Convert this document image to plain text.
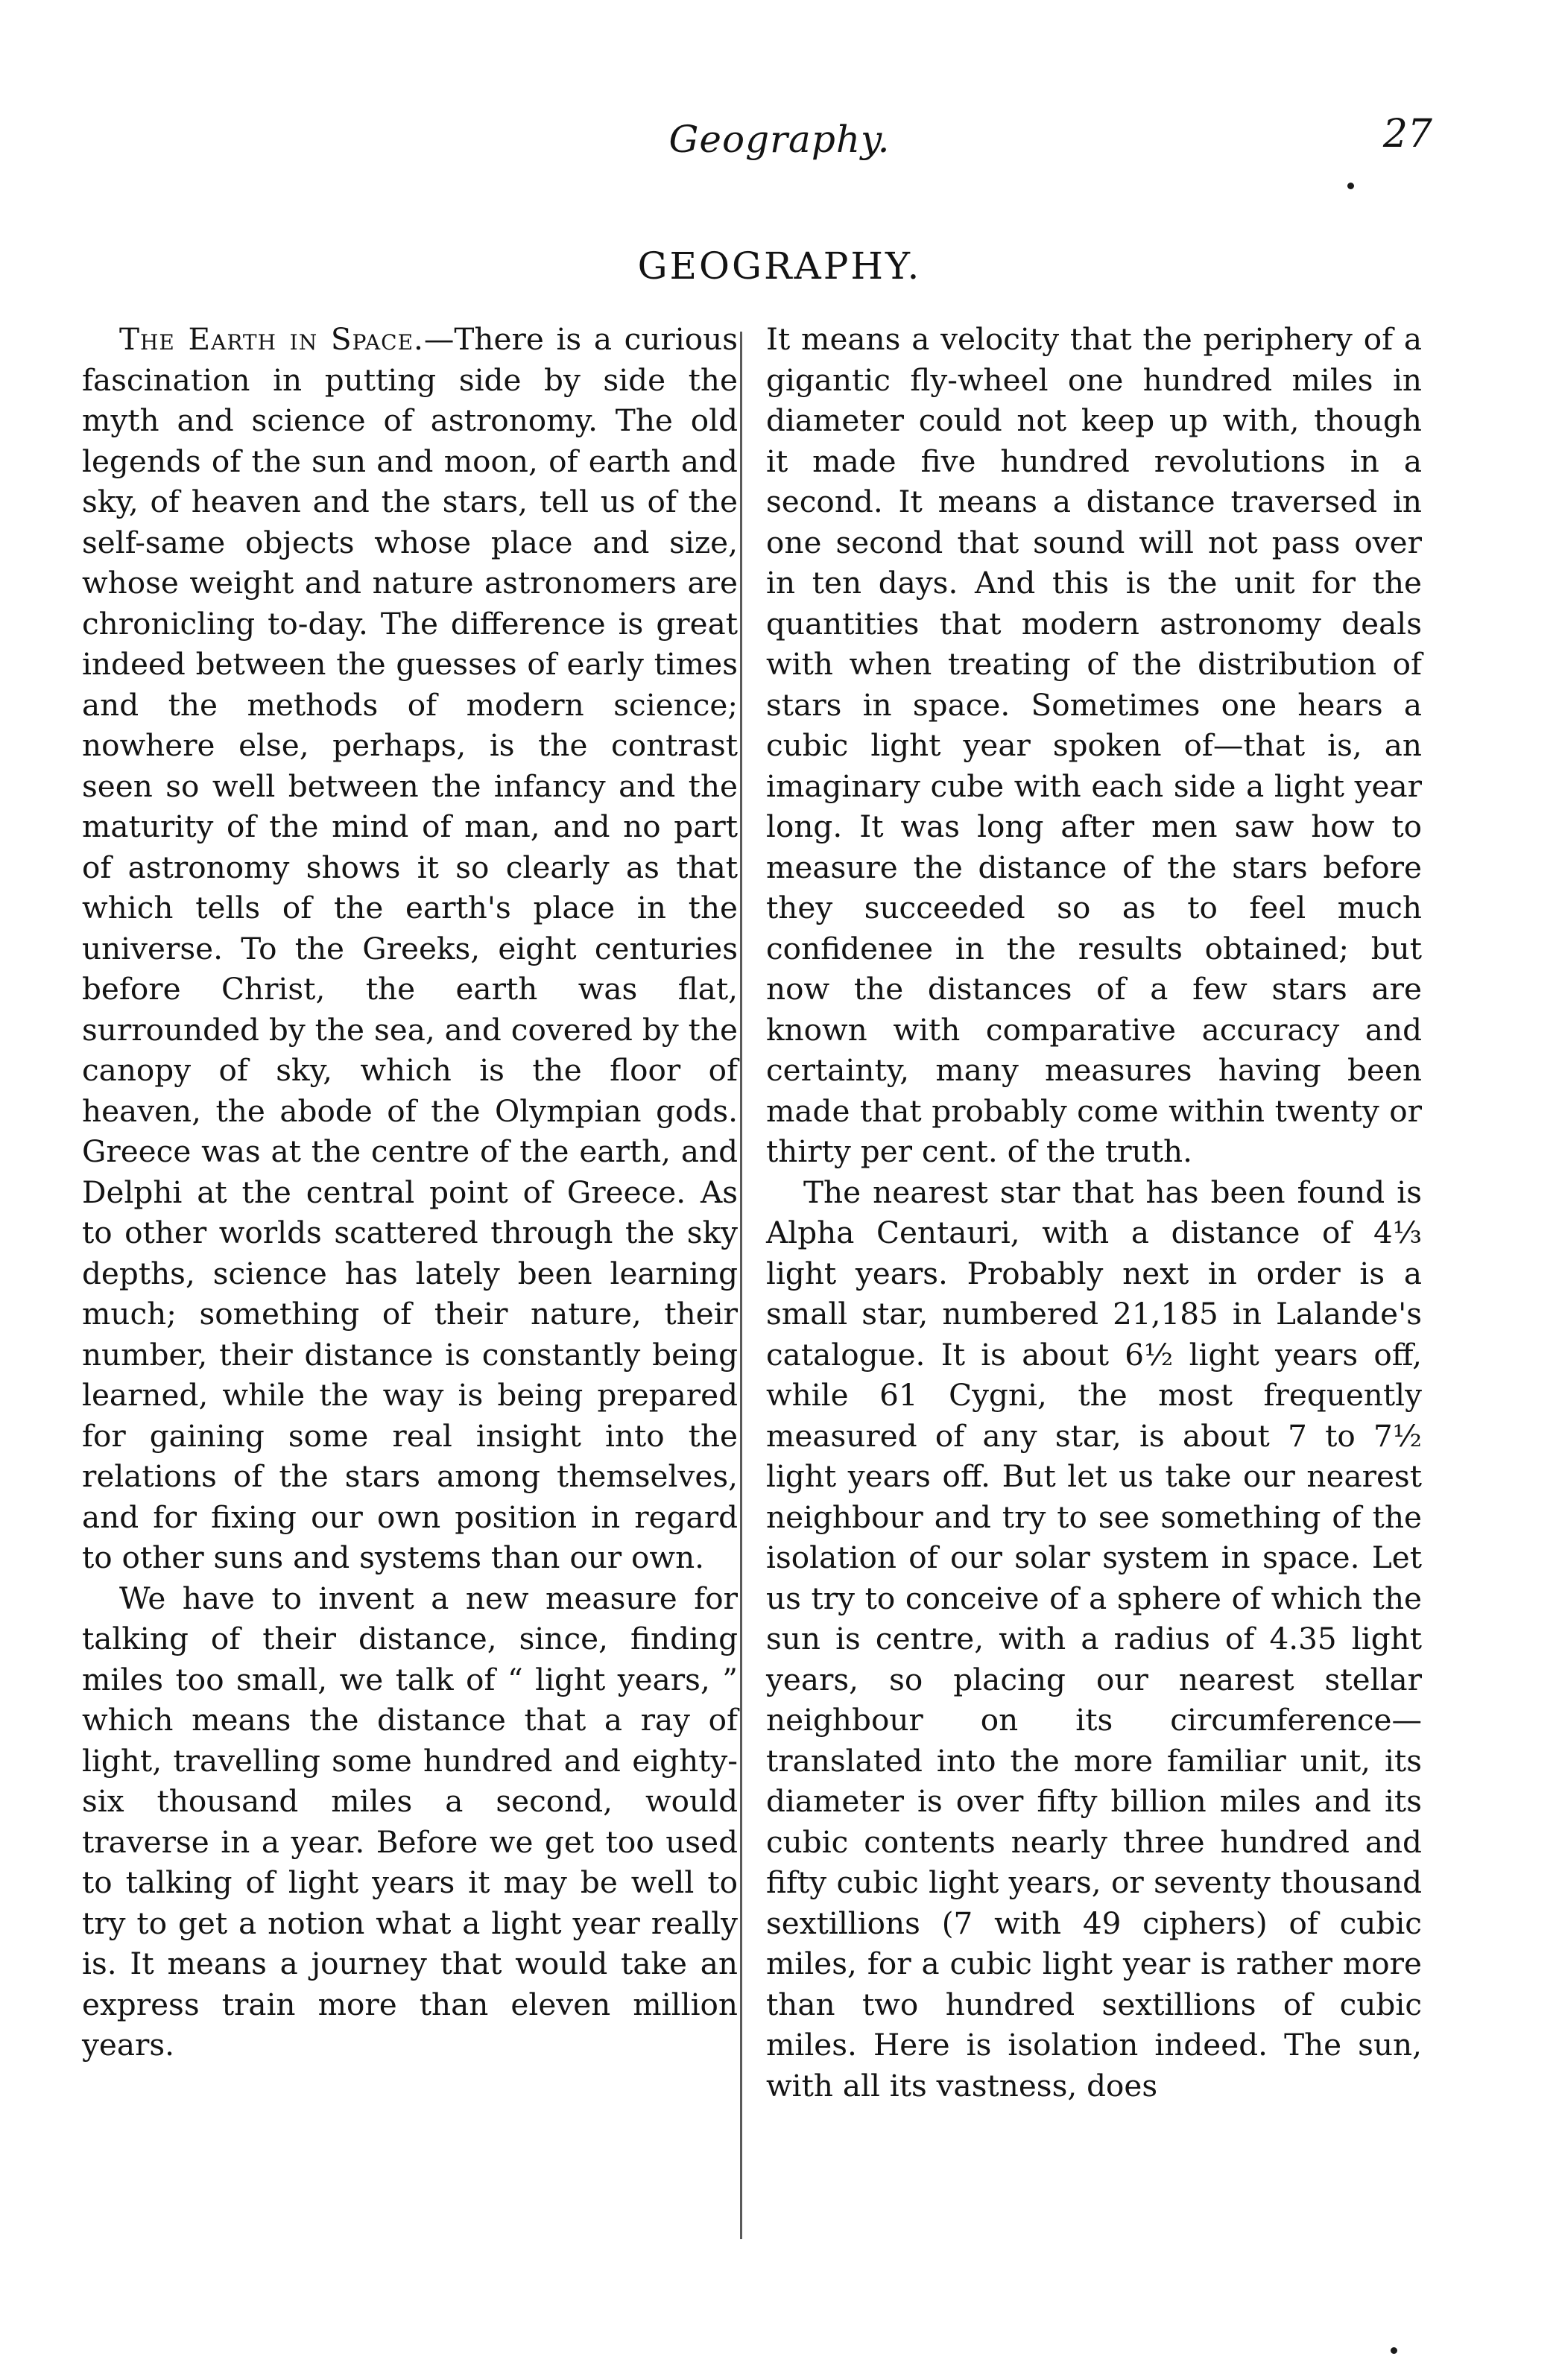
Geography.	27
GEOGRAPHY.

The Earth in Space.—There is a curious fascination in putting side by side the myth and science of astronomy. The old legends of the sun and moon, of earth and sky, of heaven and the stars, tell us of the self-same objects whose place and size, whose weight and nature astronomers are chronicling to-day. The difference is great indeed between the guesses of early times and the methods of modern science; nowhere else, perhaps, is the contrast seen so well between the infancy and the maturity of the mind of man, and no part of astronomy shows it so clearly as that which tells of the earth's place in the universe. To the Greeks, eight centuries before Christ, the earth was flat, surrounded by the sea, and covered by the canopy of sky, which is the floor of heaven, the abode of the Olympian gods. Greece was at the centre of the earth, and Delphi at the central point of Greece. As to other worlds scattered through the sky depths, science has lately been learning much; something of their nature, their number, their distance is constantly being learned, while the way is being prepared for gaining some real insight into the relations of the stars among themselves, and for fixing our own position in regard to other suns and systems than our own.

We have to invent a new measure for talking of their distance, since, finding miles too small, we talk of “ light years, ” which means the distance that a ray of light, travelling some hundred and eighty-six thousand miles a second, would traverse in a year. Before we get too used to talking of light years it may be well to try to get a notion what a light year really is. It means a journey that would take an express train more than eleven million years.

It means a velocity that the periphery of a gigantic fly-wheel one hundred miles in diameter could not keep up with, though it made five hundred revolutions in a second. It means a distance traversed in one second that sound will not pass over in ten days. And this is the unit for the quantities that modern astronomy deals with when treating of the distribution of stars in space. Sometimes one hears a cubic light year spoken of—that is, an imaginary cube with each side a light year long. It was long after men saw how to measure the distance of the stars before they succeeded so as to feel much confidenee in the results obtained; but now the distances of a few stars are known with comparative accuracy and certainty, many measures having been made that probably come within twenty or thirty per cent. of the truth.

The nearest star that has been found is Alpha Centauri, with a distance of 4⅓ light years. Probably next in order is a small star, numbered 21,185 in Lalande's catalogue. It is about 6½ light years off, while 61 Cygni, the most frequently measured of any star, is about 7 to 7½ light years off. But let us take our nearest neighbour and try to see something of the isolation of our solar system in space. Let us try to conceive of a sphere of which the sun is centre, with a radius of 4.35 light years, so placing our nearest stellar neighbour on its circumference—translated into the more familiar unit, its diameter is over fifty billion miles and its cubic contents nearly three hundred and fifty cubic light years, or seventy thousand sextillions (7 with 49 ciphers) of cubic miles, for a cubic light year is rather more than two hundred sextillions of cubic miles. Here is isolation indeed. The sun, with all its vastness, does
